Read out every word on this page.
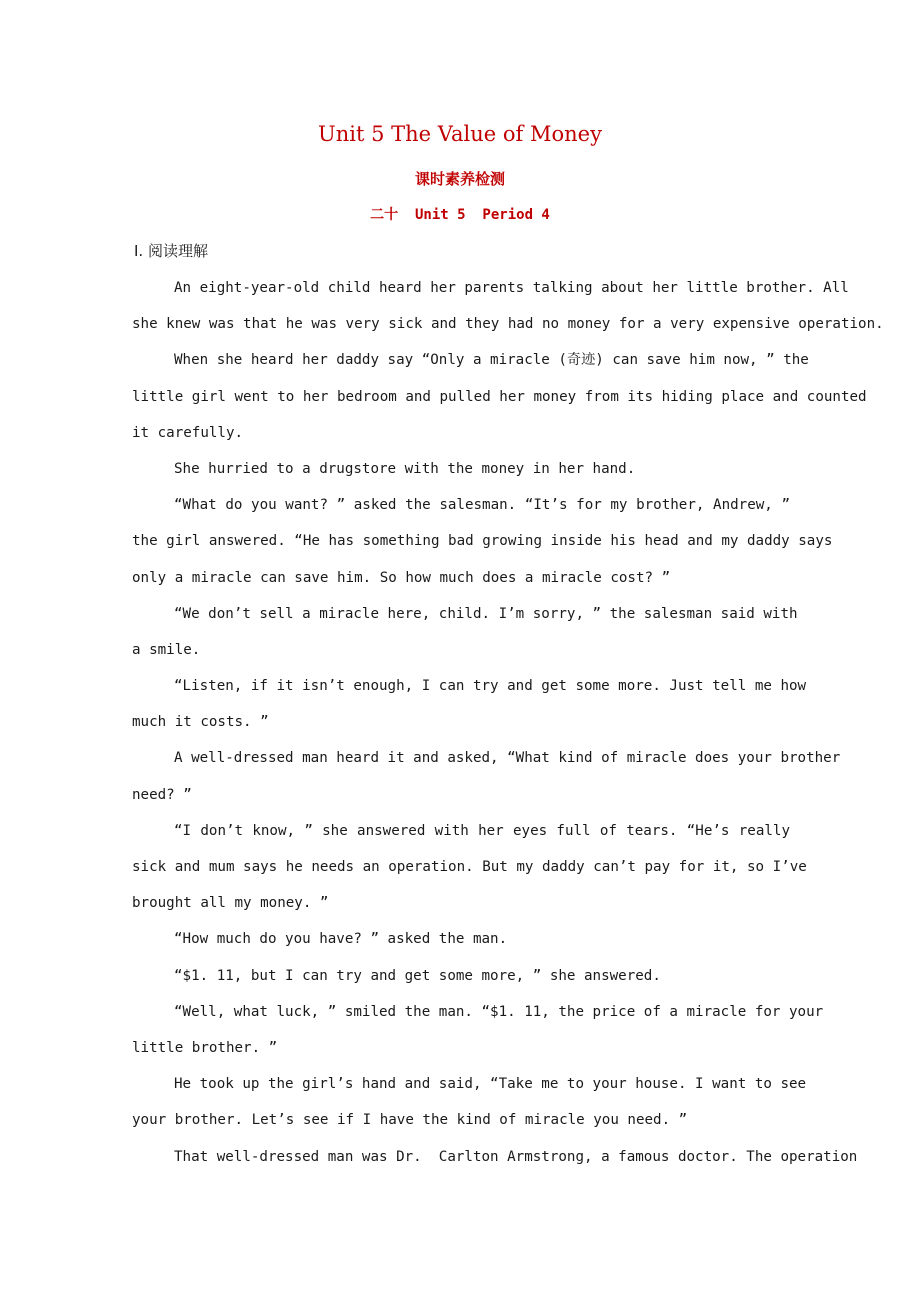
Unit 5 The Value of Money
课时素养检测
二十  Unit 5  Period 4
Ⅰ. 阅读理解
An eight-year-old child heard her parents talking about her little brother. All
she knew was that he was very sick and they had no money for a very expensive operation.
When she heard her daddy say “Only a miracle (奇迹) can save him now, ” the
little girl went to her bedroom and pulled her money from its hiding place and counted
it carefully.
She hurried to a drugstore with the money in her hand.
“What do you want? ” asked the salesman. “It’s for my brother, Andrew, ”
the girl answered. “He has something bad growing inside his head and my daddy says
only a miracle can save him. So how much does a miracle cost? ”
“We don’t sell a miracle here, child. I’m sorry, ” the salesman said with
a smile.
“Listen, if it isn’t enough, I can try and get some more. Just tell me how
much it costs. ”
A well-dressed man heard it and asked, “What kind of miracle does your brother
need? ”
“I don’t know, ” she answered with her eyes full of tears. “He’s really
sick and mum says he needs an operation. But my daddy can’t pay for it, so I’ve
brought all my money. ”
“How much do you have? ” asked the man.
“$1. 11, but I can try and get some more, ” she answered.
“Well, what luck, ” smiled the man. “$1. 11, the price of a miracle for your
little brother. ”
He took up the girl’s hand and said, “Take me to your house. I want to see
your brother. Let’s see if I have the kind of miracle you need. ”
That well-dressed man was Dr.  Carlton Armstrong, a famous doctor. The operation
